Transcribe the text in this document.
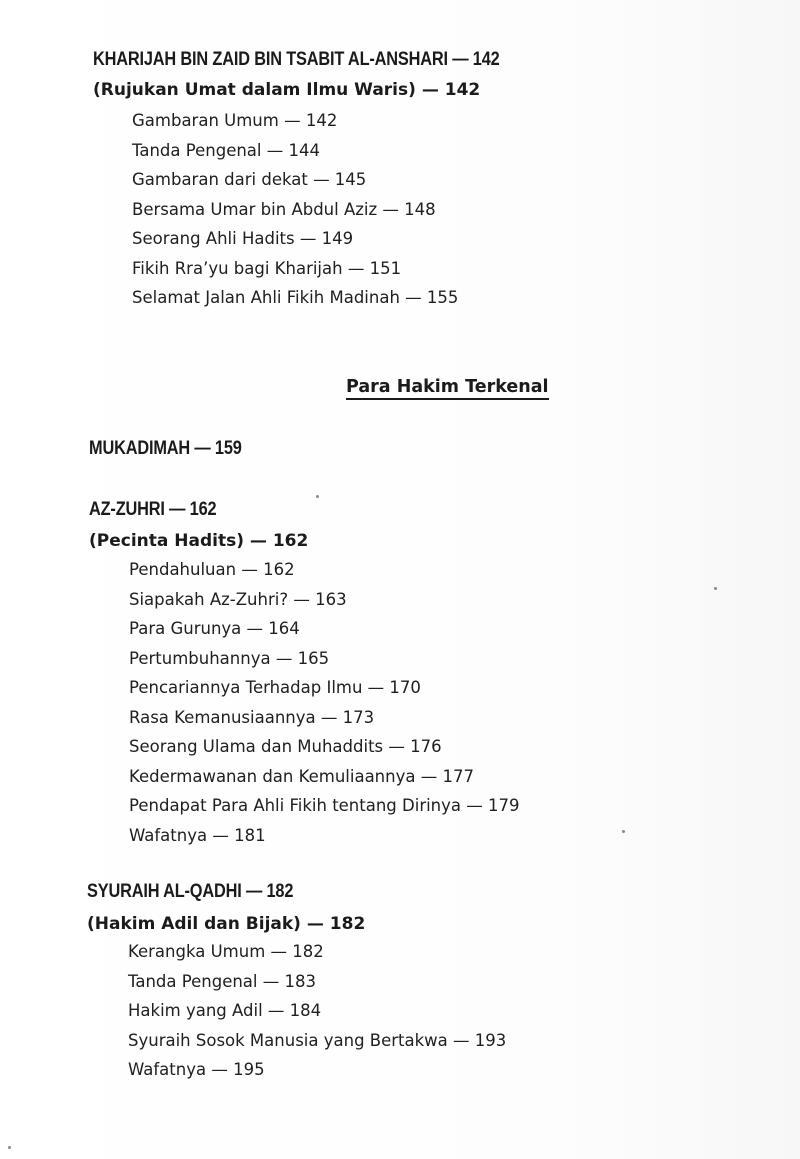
KHARIJAH BIN ZAID BIN TSABIT AL-ANSHARI — 142

(Rujukan Umat dalam Ilmu Waris) — 142

Gambaran Umum — 142
Tanda Pengenal — 144
Gambaran dari dekat — 145
Bersama Umar bin Abdul Aziz — 148
Seorang Ahli Hadits — 149
Fikih Rra’yu bagi Kharijah — 151
Selamat Jalan Ahli Fikih Madinah — 155
Para Hakim Terkenal
MUKADIMAH — 159
AZ-ZUHRI — 162

(Pecinta Hadits) — 162

Pendahuluan — 162
Siapakah Az-Zuhri? — 163
Para Gurunya — 164
Pertumbuhannya — 165
Pencariannya Terhadap Ilmu — 170
Rasa Kemanusiaannya — 173
Seorang Ulama dan Muhaddits — 176
Kedermawanan dan Kemuliaannya — 177
Pendapat Para Ahli Fikih tentang Dirinya — 179
Wafatnya — 181
SYURAIH AL-QADHI — 182

(Hakim Adil dan Bijak) — 182

Kerangka Umum — 182
Tanda Pengenal — 183
Hakim yang Adil — 184
Syuraih Sosok Manusia yang Bertakwa — 193
Wafatnya — 195
